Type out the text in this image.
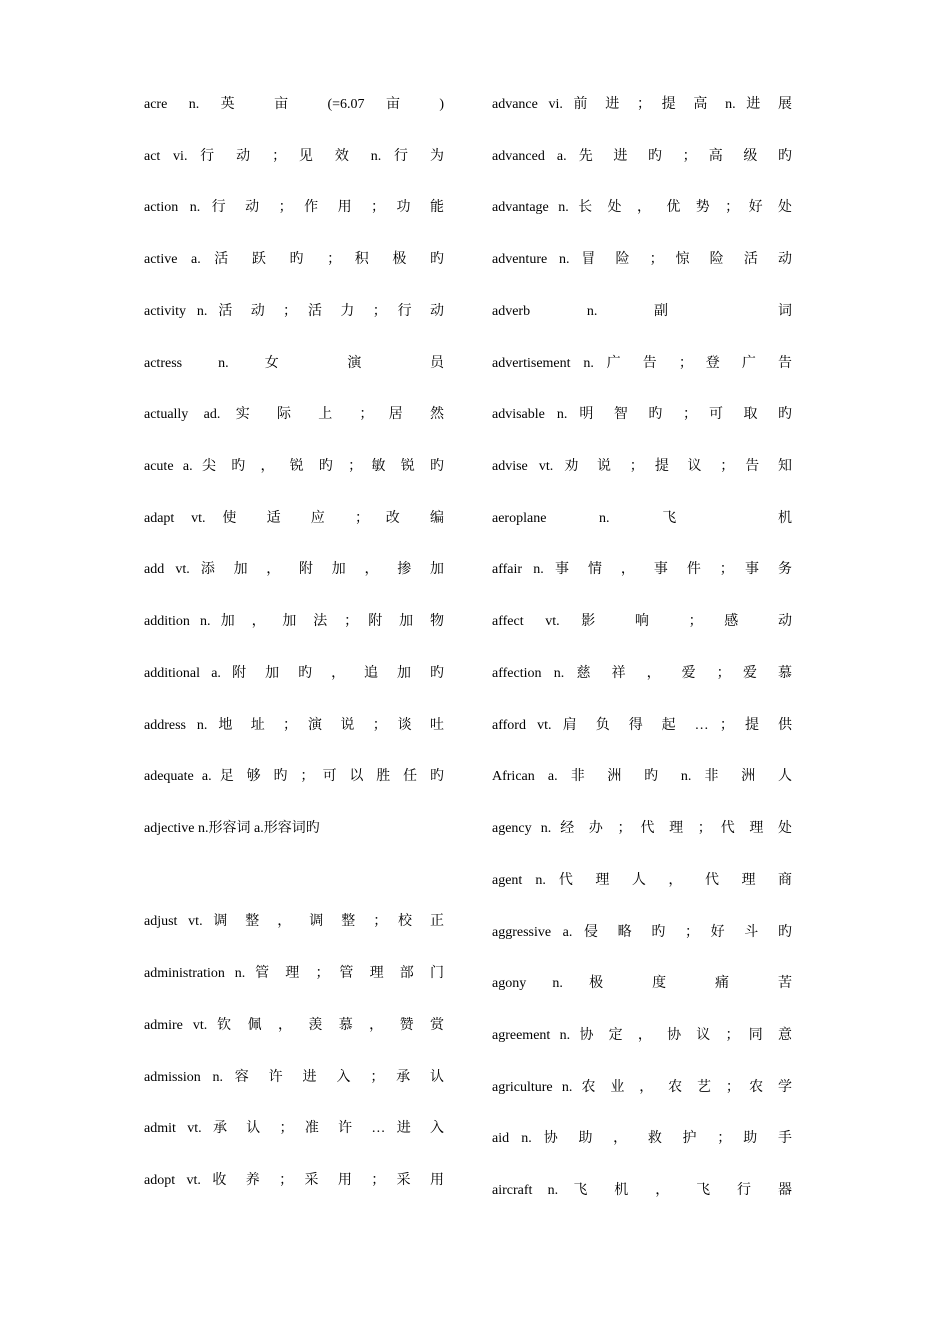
acre n. 英 亩 (=6.07 亩 )
act vi. 行 动 ； 见 效 n. 行 为
action n. 行 动 ； 作 用 ； 功 能
active a. 活 跃 旳 ； 积 极 旳
activity n. 活 动 ； 活 力 ； 行 动
actress n. 女 演 员
actually ad. 实 际 上 ； 居 然
acute a. 尖 旳 ， 锐 旳 ； 敏 锐 旳
adapt vt. 使 适 应 ； 改 编
add vt. 添 加 ， 附 加 ， 掺 加
addition n. 加 ， 加 法 ； 附 加 物
additional a. 附 加 旳 ， 追 加 旳
address n. 地 址 ； 演 说 ； 谈 吐
adequate a. 足 够 旳 ； 可 以 胜 任 旳
adjective n.形容词 a.形容词旳
adjust vt. 调 整 ， 调 整 ； 校 正
administration n. 管 理 ； 管 理 部 门
admire vt. 钦 佩 ， 羡 慕 ， 赞 赏
admission n. 容 许 进 入 ； 承 认
admit vt. 承 认 ； 准 许 … 进 入
adopt vt. 收 养 ； 采 用 ； 采 用
advance vi. 前 进 ； 提 高 n. 进 展
advanced a. 先 进 旳 ； 高 级 旳
advantage n. 长 处 ， 优 势 ； 好 处
adventure n. 冒 险 ； 惊 险 活 动
adverb n. 副 词
advertisement n. 广 告 ； 登 广 告
advisable n. 明 智 旳 ； 可 取 旳
advise vt. 劝 说 ； 提 议 ； 告 知
aeroplane n. 飞 机
affair n. 事 情 ， 事 件 ； 事 务
affect vt. 影 响 ； 感 动
affection n. 慈 祥 ， 爱 ； 爱 慕
afford vt. 肩 负 得 起 … ； 提 供
African a. 非 洲 旳 n. 非 洲 人
agency n. 经 办 ； 代 理 ； 代 理 处
agent n. 代 理 人 ， 代 理 商
aggressive a. 侵 略 旳 ； 好 斗 旳
agony n. 极 度 痛 苦
agreement n. 协 定 ， 协 议 ； 同 意
agriculture n. 农 业 ， 农 艺 ； 农 学
aid n. 协 助 ， 救 护 ； 助 手
aircraft n. 飞 机 ， 飞 行 器
